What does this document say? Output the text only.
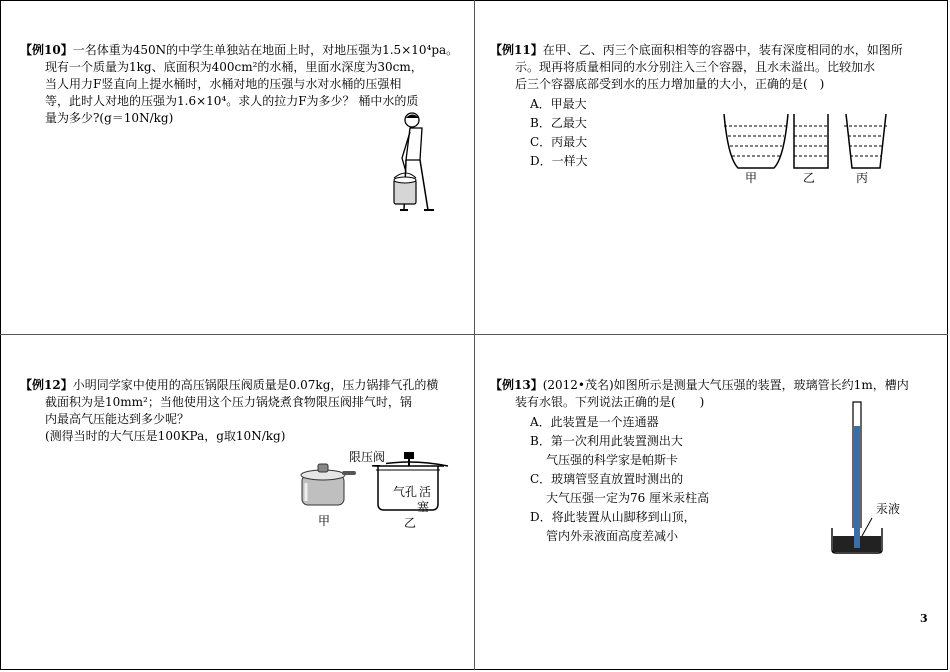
【例10】一名体重为450N的中学生单独站在地面上时，对地压强为1.5×10⁴pa。
现有一个质量为1kg、底面积为400cm²的水桶，里面水深度为30cm，
当人用力F竖直向上提水桶时，水桶对地的压强与水对水桶的压强相
等，此时人对地的压强为1.6×10⁴。求人的拉力F为多少？ 桶中水的质
量为多少?(g＝10N/kg)

【例11】在甲、乙、丙三个底面积相等的容器中，装有深度相同的水，如图所
示。现再将质量相同的水分别注入三个容器，且水未溢出。比较加水
后三个容器底部受到水的压力增加量的大小，正确的是(　)

A．甲最大
B．乙最大
C．丙最大
D．一样大
甲	乙	丙

【例12】小明同学家中使用的高压锅限压阀质量是0.07kg，压力锅排气孔的横
截面积为是10mm²；当他使用这个压力锅烧煮食物限压阀排气时，锅
内最高气压能达到多少呢？
(测得当时的大气压是100KPa，g取10N/kg)

甲
限压阀
气孔 活
塞
乙

【例13】(2012•茂名)如图所示是测量大气压强的装置，玻璃管长约1m，槽内
装有水银。下列说法正确的是(　　)

A．此装置是一个连通器
B．第一次利用此装置测出大
气压强的科学家是帕斯卡
C．玻璃管竖直放置时测出的
大气压强一定为76 厘米汞柱高
D．将此装置从山脚移到山顶，
管内外汞液面高度差减小
汞液
3
